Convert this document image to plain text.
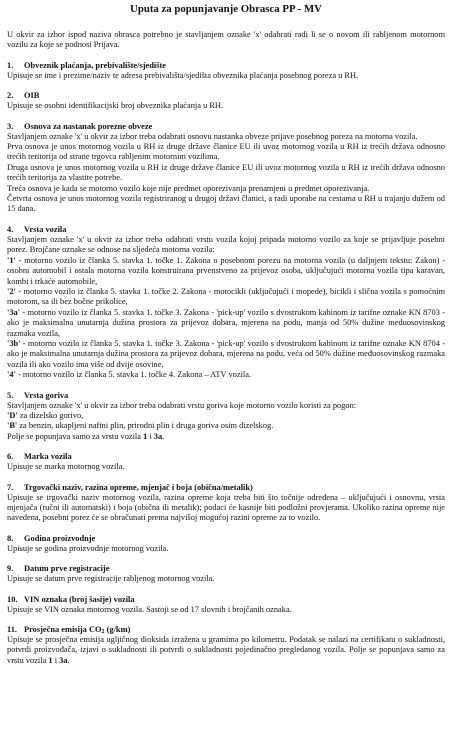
Uputa za popunjavanje Obrasca PP - MV

U okvir za izbor ispod naziva obrasca potrebno je stavljanjem oznake 'x' odabrati radi li se o novom ili rabljenom motornom vozilu za koje se podnosi Prijava.

1. Obveznik plaćanja, prebivalište/sjedište

Upisuje se ime i prezime/naziv te adresa prebivališta/sjedišta obveznika plaćanja posebnog poreza u RH.

2. OIB

Upisuje se osobni identifikacijski broj obveznika plaćanja u RH.

3. Osnova za nastanak porezne obveze

Stavljanjem oznake 'x' u okvir za izbor treba odabrati osnovu nastanka obveze prijave posebnog poreza na motorna vozila.

Prva osnova je unos motornog vozila u RH iz druge države članice EU ili uvoz motornog vozila u RH iz trećih država odnosno trećih teritorija od strane trgovca rabljenim motornim vozilima.

Druga osnova je unos motornog vozila u RH iz druge države članice EU ili uvoz motornog vozila u RH iz trećih država odnosno trećih teritorija za vlastite potrebe.

Treća osnova je kada se motorno vozilo koje nije predmet oporezivanja prenamjeni u predmet oporezivanja.

Četvrta osnova je unos motornog vozila registriranog u drugoj državi članici, a radi uporabe na cestama u RH u trajanju dužem od 15 dana.

4. Vrsta vozila

Stavljanjem oznake 'x' u okvir za izbor treba odabrati vrstu vozila kojoj pripada motorno vozilo za koje se prijavljuje posebni porez. Brojčane oznake se odnose na sljedeća motorna vozila:

'1' - motorno vozilo iz članka 5. stavka 1. točke 1. Zakona o posebnom porezu na motorna vozila (u daljnjem tekstu: Zakon) - osobni automobil i ostala motorna vozila konstruirana prvenstveno za prijevoz osoba, uključujući motorna vozila tipa karavan, kombi i trkaće automobile,

'2' - motorno vozilo iz članka 5. stavka 1. točke 2. Zakona - motocikli (uključujući i mopede), bicikli i slična vozila s pomoćnim motorom, sa ili bez bočne prikolice,

'3a' - motorno vozilo iz članka 5. stavka 1. točke 3. Zakona - 'pick-up' vozilo s dvostrukom kabinom iz tarifne oznake KN 8703 - ako je maksimalna unutarnja dužina prostora za prijevoz dobara, mjerena na podu, manja od 50% dužine meduosovinskog razmaka vozila,

'3b' - motorno vozilo iz članka 5. stavka 1. točke 3. Zakona - 'pick-up' vozilo s dvostrukom kabinom iz tarifne oznake KN 8704 - ako je maksimalna unutarnja dužina prostora za prijevoz dobara, mjerena na podu, veća od 50% dužine međuosovinskog razmaka vozila ili ako vozilo ima više od dvije osovine,

'4' - motorno vozilo iz članka 5. stavka 1. točke 4. Zakona – ATV vozila.

5. Vrsta goriva

Stavljanjem oznake 'x' u okvir za izbor treba odabrati vrstu goriva koje motorno vozilo koristi za pogon:

'D' za dizelsko gorivo,

'B' za benzin, ukapljeni naftni plin, prirodni plin i druga goriva osim dizelskog.

Polje se popunjava samo za vrstu vozila 1 i 3a.

6. Marka vozila

Upisuje se marka motornog vozila.

7. Trgovački naziv, razina opreme, mjenjač i boja (obična/metalik)

Upisuje se trgovački naziv motornog vozila, razina opreme koja treba biti što točnije određena – uključujući i osnovnu, vrsta mjenjača (ručni ili automatski) i boja (obična ili metalik); podaci će kasnije biti podložni provjerama. Ukoliko razina opreme nije navedena, posebni porez će se obračunati prema najvišoj mogućoj razini opreme za to vozilo.

8. Godina proizvodnje

Upisuje se godina proizvodnje motornog vozila.

9. Datum prve registracije

Upisuje se datum prve registracije rabljenog motornog vozila.

10. VIN oznaka (broj šasije) vozila

Upisuje se VIN oznaka motornog vozila. Sastoji se od 17 slovnih i brojčanih oznaka.

11. Prosječna emisija $CO_2$ (g/km)

Upisuje se prosječna emisija ugljičnog dioksida izražena u gramima po kilometru. Podatak se nalazi na certifikatu o sukladnosti, potvrdi proizvođača, izjavi o sukladnosti ili potvrdi o sukladnosti pojedinačno pregledanog vozila. Polje se popunjava samo za vrstu vozila 1 i 3a.
